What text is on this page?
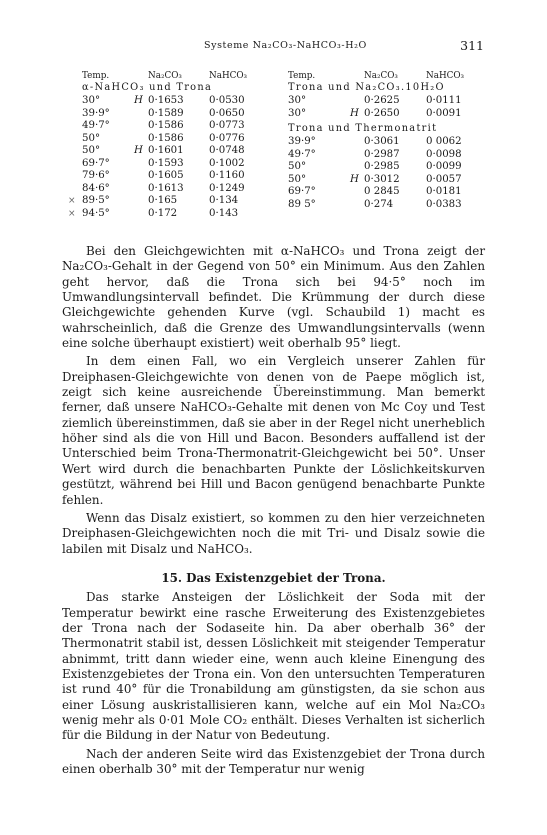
Systeme Na₂CO₃-NaHCO₃-H₂O	311
Temp.	Na₂CO₃	NaHCO₃
α-NaHCO₃ und Trona
30°	H 0·1653 0·0530
39·9°	0·1589 0·0650
49·7°	0·1586 0·0773
50°	0·1586 0·0776
50°	H 0·1601 0·0748
69·7°	0·1593 0·1002
79·6°	0·1605 0·1160
84·6°	0·1613 0·1249
× 89·5°	0·165	0·134
× 94·5°	0·172	0·143
Temp.	Na₂CO₃	NaHCO₃
Trona und Na₂CO₃.10H₂O
30°	0·2625	0·0111
30°	H 0·2650	0·0091
Trona und Thermonatrit
39·9°	0·3061	0 0062
49·7°	0·2987	0·0098
50°	0·2985	0·0099
50°	H 0·3012	0·0057
69·7°	0 2845	0·0181
89 5°	0·274	0·0383

Bei den Gleichgewichten mit α-NaHCO₃ und Trona zeigt der Na₂CO₃-Gehalt in der Gegend von 50° ein Minimum. Aus den Zahlen geht hervor, daß die Trona sich bei 94·5° noch im Umwandlungsintervall befindet. Die Krümmung der durch diese Gleichgewichte gehenden Kurve (vgl. Schaubild 1) macht es wahrscheinlich, daß die Grenze des Umwandlungsintervalls (wenn eine solche überhaupt existiert) weit oberhalb 95° liegt.

In dem einen Fall, wo ein Vergleich unserer Zahlen für Dreiphasen-Gleichgewichte von denen von de Paepe möglich ist, zeigt sich keine ausreichende Übereinstimmung. Man bemerkt ferner, daß unsere NaHCO₃-Gehalte mit denen von Mc Coy und Test ziemlich übereinstimmen, daß sie aber in der Regel nicht unerheblich höher sind als die von Hill und Bacon. Besonders auffallend ist der Unterschied beim Trona-Thermonatrit-Gleichgewicht bei 50°. Unser Wert wird durch die benachbarten Punkte der Löslichkeitskurven gestützt, während bei Hill und Bacon genügend benachbarte Punkte fehlen.

Wenn das Disalz existiert, so kommen zu den hier verzeichneten Dreiphasen-Gleichgewichten noch die mit Tri- und Disalz sowie die labilen mit Disalz und NaHCO₃.

15. Das Existenzgebiet der Trona.

Das starke Ansteigen der Löslichkeit der Soda mit der Temperatur bewirkt eine rasche Erweiterung des Existenzgebietes der Trona nach der Sodaseite hin. Da aber oberhalb 36° der Thermonatrit stabil ist, dessen Löslichkeit mit steigender Temperatur abnimmt, tritt dann wieder eine, wenn auch kleine Einengung des Existenzgebietes der Trona ein. Von den untersuchten Temperaturen ist rund 40° für die Tronabildung am günstigsten, da sie schon aus einer Lösung auskristallisieren kann, welche auf ein Mol Na₂CO₃ wenig mehr als 0·01 Mole CO₂ enthält. Dieses Verhalten ist sicherlich für die Bildung in der Natur von Bedeutung.

Nach der anderen Seite wird das Existenzgebiet der Trona durch einen oberhalb 30° mit der Temperatur nur wenig
